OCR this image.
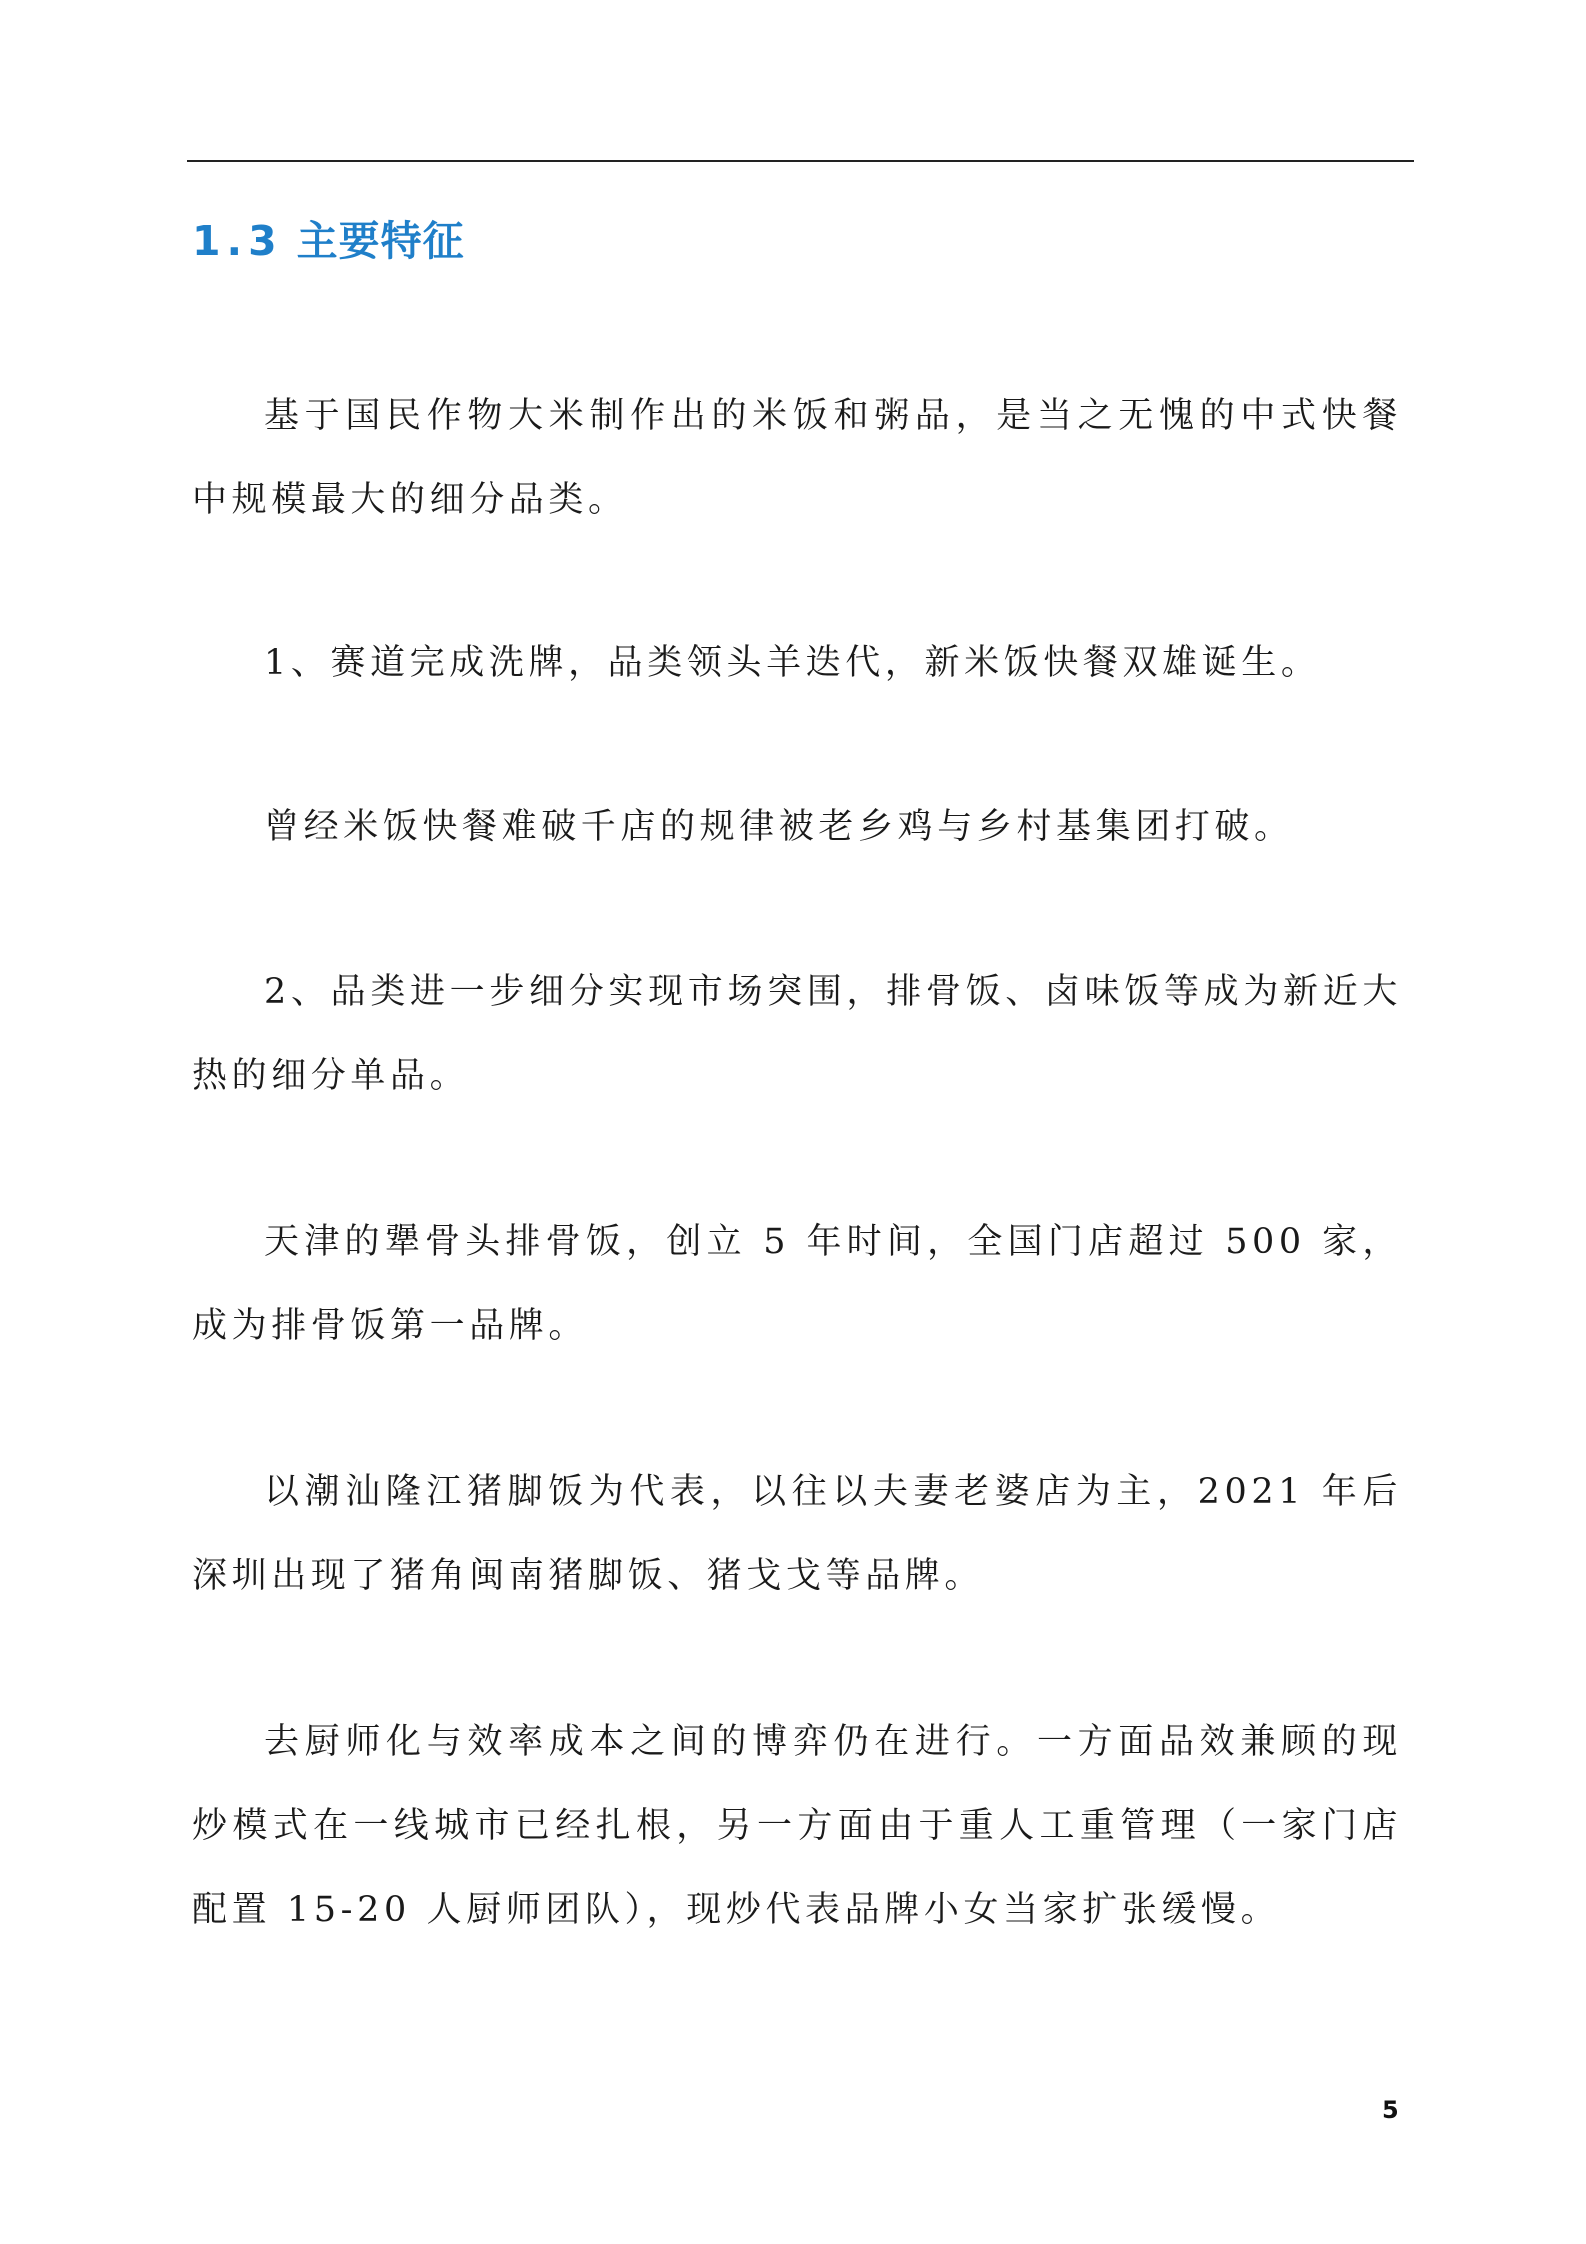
1.3 主要特征

基于国民作物大米制作出的米饭和粥品，是当之无愧的中式快餐中规模最大的细分品类。

1、赛道完成洗牌，品类领头羊迭代，新米饭快餐双雄诞生。

曾经米饭快餐难破千店的规律被老乡鸡与乡村基集团打破。

2、品类进一步细分实现市场突围，排骨饭、卤味饭等成为新近大热的细分单品。

天津的犟骨头排骨饭，创立 5 年时间，全国门店超过 500 家，成为排骨饭第一品牌。

以潮汕隆江猪脚饭为代表，以往以夫妻老婆店为主，2021 年后深圳出现了猪角闽南猪脚饭、猪戈戈等品牌。

去厨师化与效率成本之间的博弈仍在进行。一方面品效兼顾的现炒模式在一线城市已经扎根，另一方面由于重人工重管理（一家门店配置 15-20 人厨师团队），现炒代表品牌小女当家扩张缓慢。

5
